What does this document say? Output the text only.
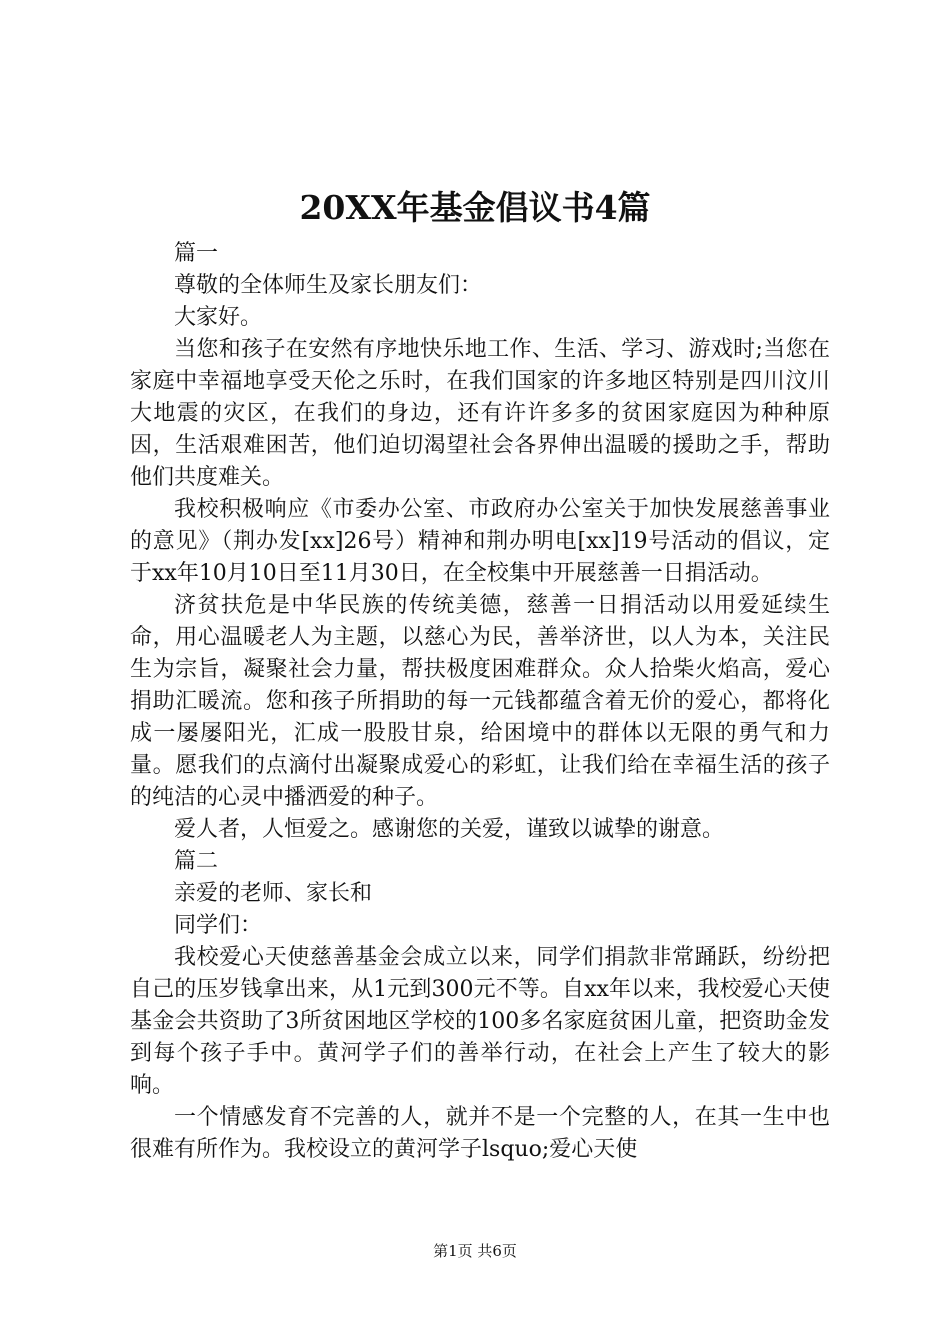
20XX年基金倡议书4篇

篇一

尊敬的全体师生及家长朋友们：

大家好。

当您和孩子在安然有序地快乐地工作、生活、学习、游戏时;当您在家庭中幸福地享受天伦之乐时，在我们国家的许多地区特别是四川汶川大地震的灾区，在我们的身边，还有许许多多的贫困家庭因为种种原因，生活艰难困苦，他们迫切渴望社会各界伸出温暖的援助之手，帮助他们共度难关。

我校积极响应《市委办公室、市政府办公室关于加快发展慈善事业的意见》（荆办发[xx]26号）精神和荆办明电[xx]19号活动的倡议，定于xx年10月10日至11月30日，在全校集中开展慈善一日捐活动。

济贫扶危是中华民族的传统美德，慈善一日捐活动以用爱延续生命，用心温暖老人为主题，以慈心为民，善举济世，以人为本，关注民生为宗旨，凝聚社会力量，帮扶极度困难群众。众人拾柴火焰高，爱心捐助汇暖流。您和孩子所捐助的每一元钱都蕴含着无价的爱心，都将化成一屡屡阳光，汇成一股股甘泉，给困境中的群体以无限的勇气和力量。愿我们的点滴付出凝聚成爱心的彩虹，让我们给在幸福生活的孩子的纯洁的心灵中播洒爱的种子。

爱人者，人恒爱之。感谢您的关爱，谨致以诚挚的谢意。

篇二

亲爱的老师、家长和

同学们：

我校爱心天使慈善基金会成立以来，同学们捐款非常踊跃，纷纷把自己的压岁钱拿出来，从1元到300元不等。自xx年以来，我校爱心天使基金会共资助了3所贫困地区学校的100多名家庭贫困儿童，把资助金发到每个孩子手中。黄河学子们的善举行动，在社会上产生了较大的影响。

一个情感发育不完善的人，就并不是一个完整的人，在其一生中也很难有所作为。我校设立的黄河学子lsquo;爱心天使

第1页 共6页
